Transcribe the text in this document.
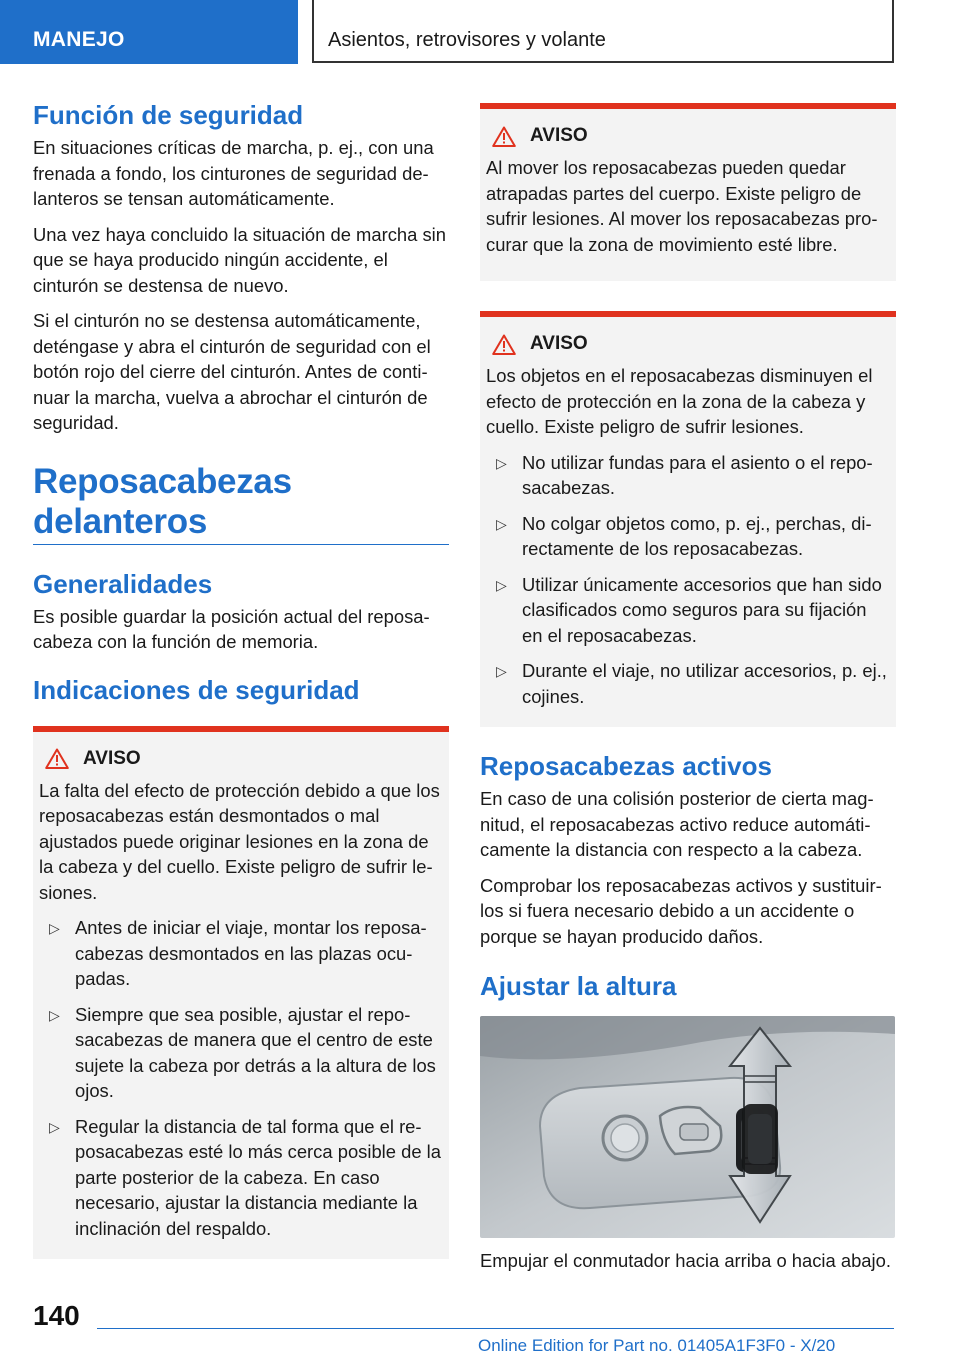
MANEJO	Asientos, retrovisores y volante
Función de seguridad

En situaciones críticas de marcha, p. ej., con una frenada a fondo, los cinturones de seguridad delanteros se tensan automáticamente.

Una vez haya concluido la situación de marcha sin que se haya producido ningún accidente, el cinturón se destensa de nuevo.

Si el cinturón no se destensa automáticamente, deténgase y abra el cinturón de seguridad con el botón rojo del cierre del cinturón. Antes de continuar la marcha, vuelva a abrochar el cinturón de seguridad.

Reposacabezas delanteros
Generalidades

Es posible guardar la posición actual del reposacabeza con la función de memoria.

Indicaciones de seguridad
AVISO

La falta del efecto de protección debido a que los reposacabezas están desmontados o mal ajustados puede originar lesiones en la zona de la cabeza y del cuello. Existe peligro de sufrir lesiones.

▷ Antes de iniciar el viaje, montar los reposacabezas desmontados en las plazas ocupadas.
▷ Siempre que sea posible, ajustar el reposacabezas de manera que el centro de este sujete la cabeza por detrás a la altura de los ojos.
▷ Regular la distancia de tal forma que el reposacabezas esté lo más cerca posible de la parte posterior de la cabeza. En caso necesario, ajustar la distancia mediante la inclinación del respaldo.
AVISO

Al mover los reposacabezas pueden quedar atrapadas partes del cuerpo. Existe peligro de sufrir lesiones. Al mover los reposacabezas procurar que la zona de movimiento esté libre.

AVISO

Los objetos en el reposacabezas disminuyen el efecto de protección en la zona de la cabeza y cuello. Existe peligro de sufrir lesiones.

▷ No utilizar fundas para el asiento o el reposacabezas.
▷ No colgar objetos como, p. ej., perchas, directamente de los reposacabezas.
▷ Utilizar únicamente accesorios que han sido clasificados como seguros para su fijación en el reposacabezas.
▷ Durante el viaje, no utilizar accesorios, p. ej., cojines.
Reposacabezas activos

En caso de una colisión posterior de cierta magnitud, el reposacabezas activo reduce automáticamente la distancia con respecto a la cabeza.

Comprobar los reposacabezas activos y sustituirlos si fuera necesario debido a un accidente o porque se hayan producido daños.

Ajustar la altura

Empujar el conmutador hacia arriba o hacia abajo.

140
Online Edition for Part no. 01405A1F3F0 - X/20
